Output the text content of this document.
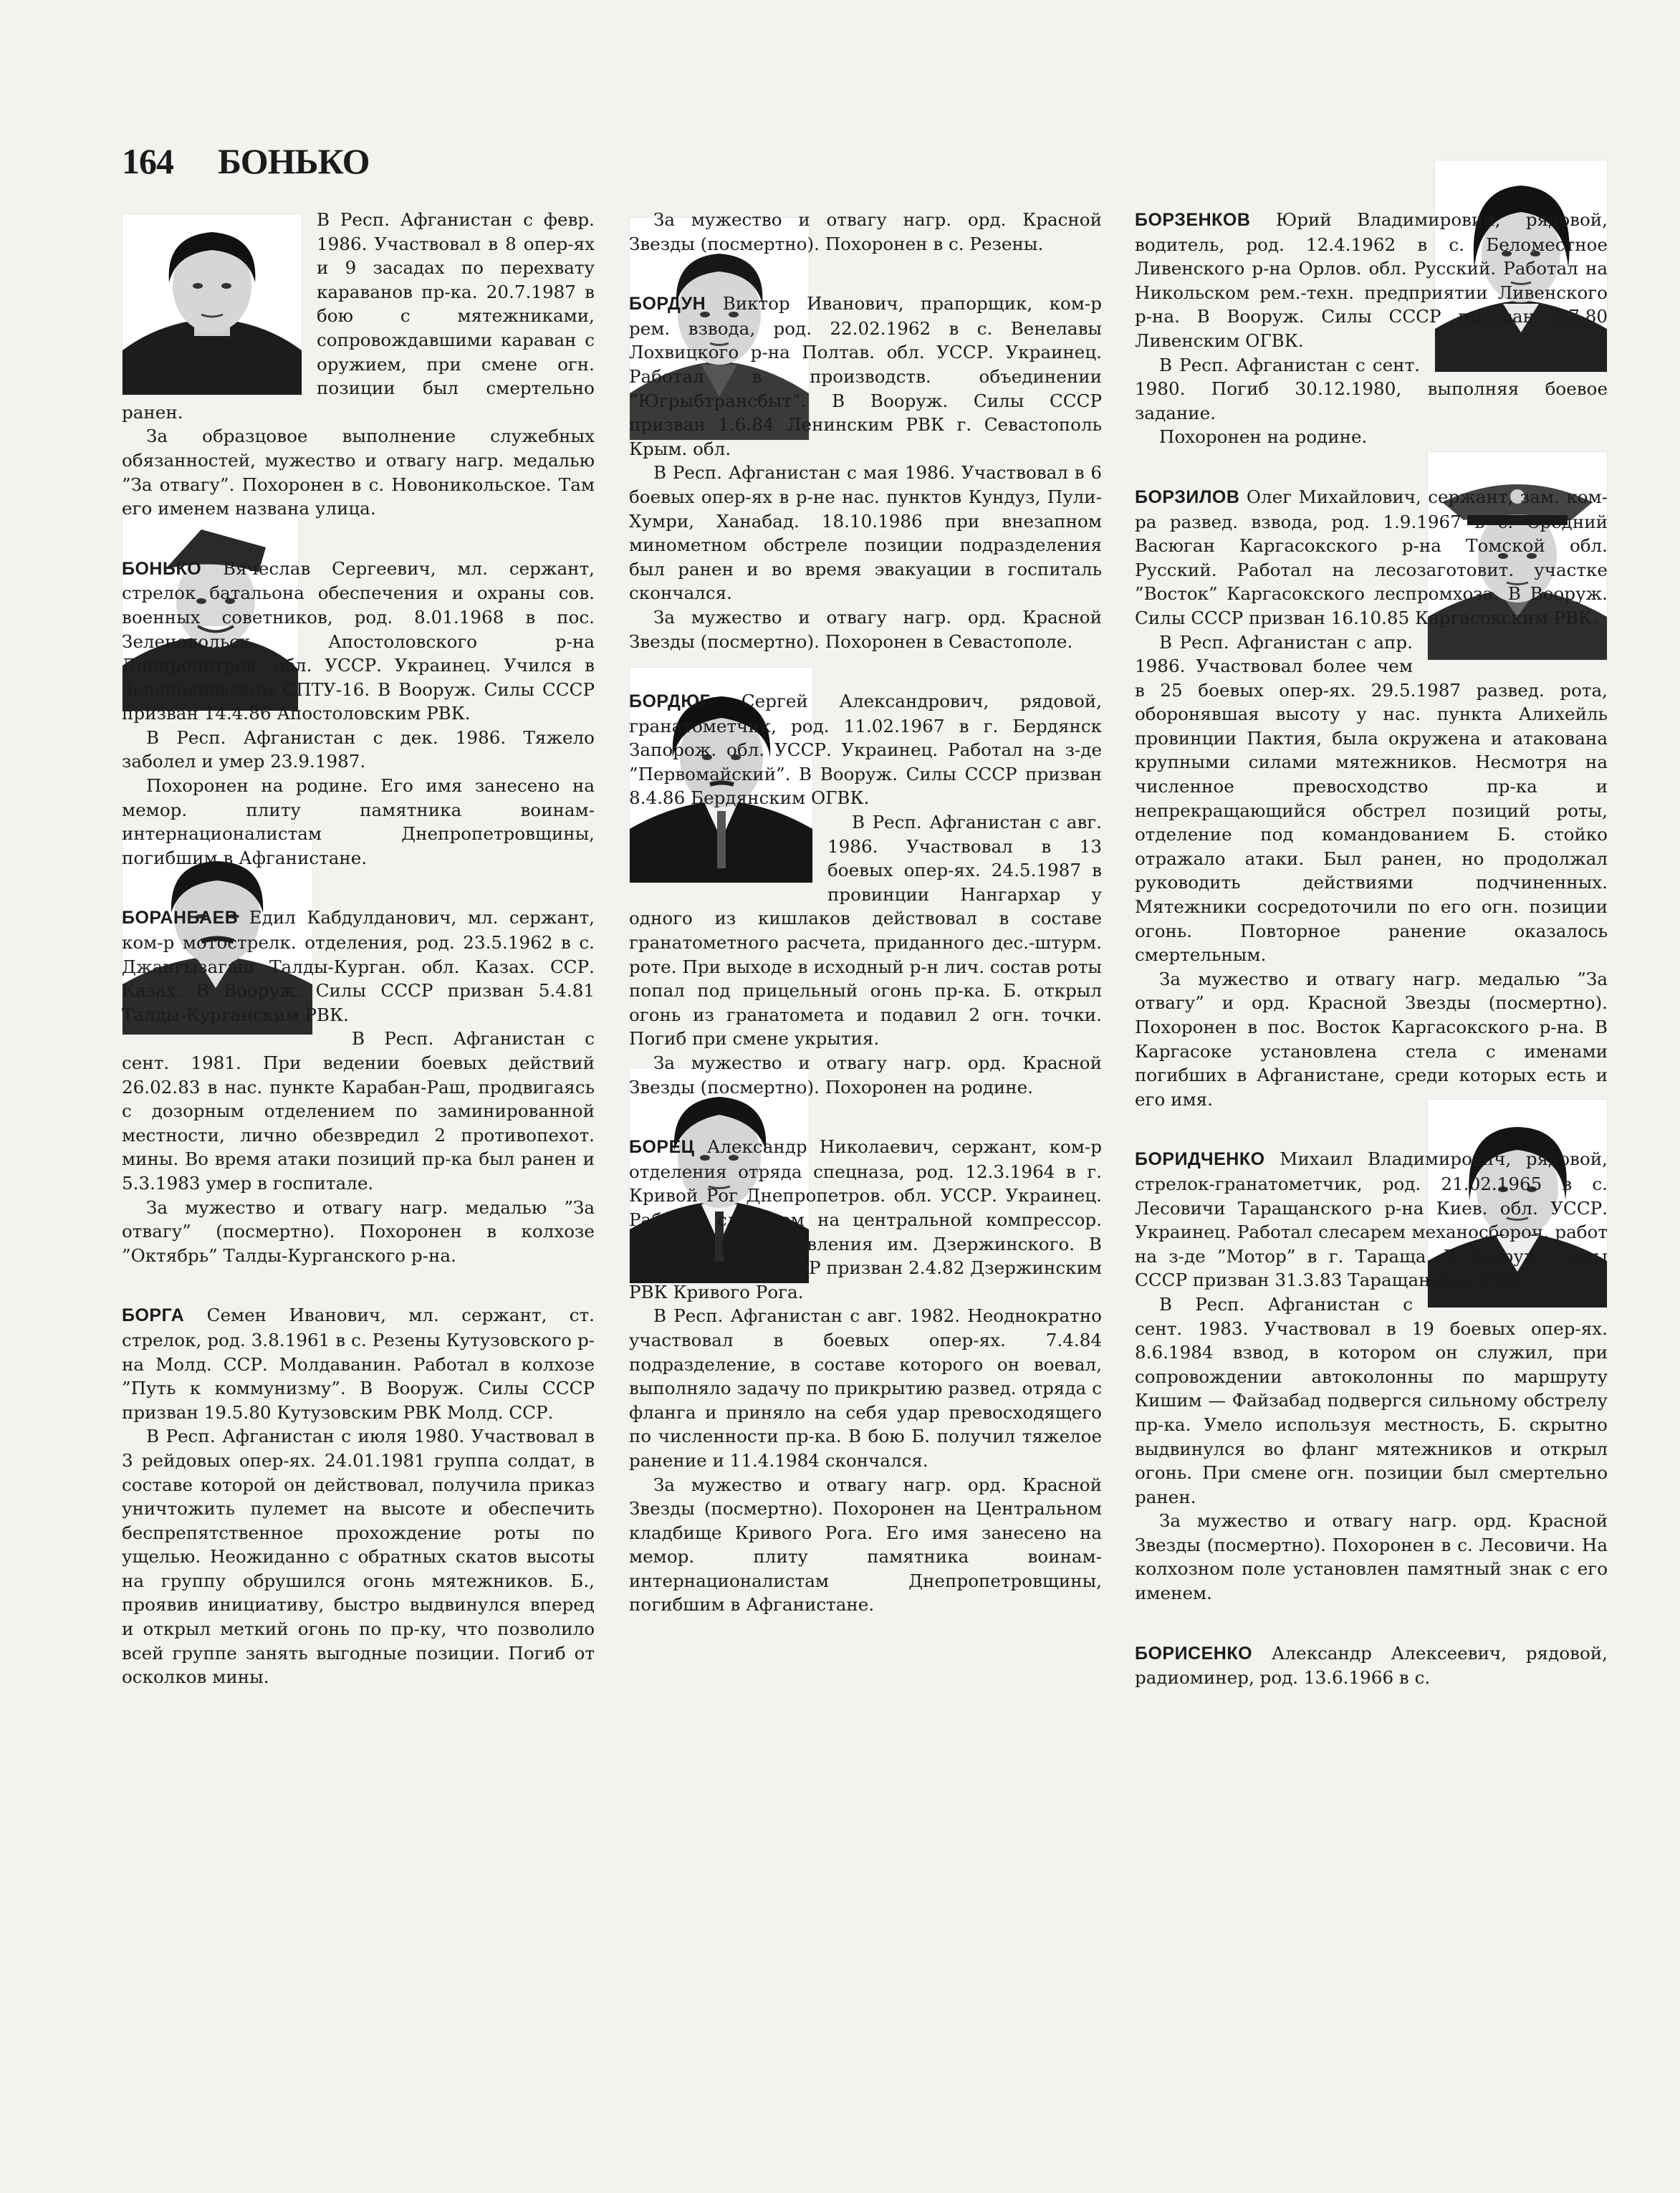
164 БОНЬКО

В Респ. Афганистан с февр. 1986. Участвовал в 8 опер-ях и 9 засадах по перехвату караванов пр-ка. 20.7.1987 в бою с мятежниками, сопровождавшими караван с оружием, при смене огн. позиции был смертельно ранен.

За образцовое выполнение служебных обязанностей, мужество и отвагу нагр. медалью ”За отвагу”. Похоронен в с. Новоникольское. Там его именем названа улица.

БОНЬКО Вячеслав Сергеевич, мл. сержант, стрелок батальона обеспечения и охраны сов. военных советников, род. 8.01.1968 в пос. Зеленодольск Апостоловского р-на Днепропетров. обл. УССР. Украинец. Учился в Зеленодольском СПТУ-16. В Вооруж. Силы СССР призван 14.4.86 Апостоловским РВК.

В Респ. Афганистан с дек. 1986. Тяжело заболел и умер 23.9.1987.

Похоронен на родине. Его имя занесено на мемор. плиту памятника воинам-интернационалистам Днепропетровщины, погибшим в Афганистане.

БОРАНБАЕВ Едил Кабдулданович, мл. сержант, ком-р мотострелк. отделения, род. 23.5.1962 в с. Джангызагаш Талды-Курган. обл. Казах. ССР. Казах. В Вооруж. Силы СССР призван 5.4.81 Талды-Курганским РВК.

В Респ. Афганистан с сент. 1981. При ведении боевых действий 26.02.83 в нас. пункте Карабан-Раш, продвигаясь с дозорным отделением по заминированной местности, лично обезвредил 2 противопехот. мины. Во время атаки позиций пр-ка был ранен и 5.3.1983 умер в госпитале.

За мужество и отвагу нагр. медалью ”За отвагу” (посмертно). Похоронен в колхозе ”Октябрь” Талды-Курганского р-на.

БОРГА Семен Иванович, мл. сержант, ст. стрелок, род. 3.8.1961 в с. Резены Кутузовского р-на Молд. ССР. Молдаванин. Работал в колхозе ”Путь к коммунизму”. В Вооруж. Силы СССР призван 19.5.80 Кутузовским РВК Молд. ССР.

В Респ. Афганистан с июля 1980. Участвовал в 3 рейдовых опер-ях. 24.01.1981 группа солдат, в составе которой он действовал, получила приказ уничтожить пулемет на высоте и обеспечить беспрепятственное прохождение роты по ущелью. Неожиданно с обратных скатов высоты на группу обрушился огонь мятежников. Б., проявив инициативу, быстро выдвинулся вперед и открыл меткий огонь по пр-ку, что позволило всей группе занять выгодные позиции. Погиб от осколков мины.

За мужество и отвагу нагр. орд. Красной Звезды (посмертно). Похоронен в с. Резены.

БОРДУН Виктор Иванович, прапорщик, ком-р рем. взвода, род. 22.02.1962 в с. Венелавы Лохвицкого р-на Полтав. обл. УССР. Украинец. Работал в производств. объединении ”Югрыбтрансбыт”. В Вооруж. Силы СССР призван 1.6.84 Ленинским РВК г. Севастополь Крым. обл.

В Респ. Афганистан с мая 1986. Участвовал в 6 боевых опер-ях в р-не нас. пунктов Кундуз, Пули-Хумри, Ханабад. 18.10.1986 при внезапном минометном обстреле позиции подразделения был ранен и во время эвакуации в госпиталь скончался.

За мужество и отвагу нагр. орд. Красной Звезды (посмертно). Похоронен в Севастополе.

БОРДЮГ Сергей Александрович, рядовой, гранатометчик, род. 11.02.1967 в г. Бердянск Запорож. обл. УССР. Украинец. Работал на з-де ”Первомайский”. В Вооруж. Силы СССР призван 8.4.86 Бердянским ОГВК.

В Респ. Афганистан с авг. 1986. Участвовал в 13 боевых опер-ях. 24.5.1987 в провинции Нангархар у одного из кишлаков действовал в составе гранатометного расчета, приданного дес.-штурм. роте. При выходе в исходный р-н лич. состав роты попал под прицельный огонь пр-ка. Б. открыл огонь из гранатомета и подавил 2 огн. точки. Погиб при смене укрытия.

За мужество и отвагу нагр. орд. Красной Звезды (посмертно). Похоронен на родине.

БОРЕЦ Александр Николаевич, сержант, ком-р отделения отряда спецназа, род. 12.3.1964 в г. Кривой Рог Днепропетров. обл. УССР. Украинец. Работал слесарем на центральной компрессор. станции рудоуправления им. Дзержинского. В Вооруж. Силы СССР призван 2.4.82 Дзержинским РВК Кривого Рога.

В Респ. Афганистан с авг. 1982. Неоднократно участвовал в боевых опер-ях. 7.4.84 подразделение, в составе которого он воевал, выполняло задачу по прикрытию развед. отряда с фланга и приняло на себя удар превосходящего по численности пр-ка. В бою Б. получил тяжелое ранение и 11.4.1984 скончался.

За мужество и отвагу нагр. орд. Красной Звезды (посмертно). Похоронен на Центральном кладбище Кривого Рога. Его имя занесено на мемор. плиту памятника воинам-интернационалистам Днепропетровщины, погибшим в Афганистане.

БОРЗЕНКОВ Юрий Владимирович, рядовой, водитель, род. 12.4.1962 в с. Беломестное Ливенского р-на Орлов. обл. Русский. Работал на Никольском рем.-техн. предприятии Ливенского р-на. В Вооруж. Силы СССР призван 3.7.80 Ливенским ОГВК.

В Респ. Афганистан с сент. 1980. Погиб 30.12.1980, выполняя боевое задание.

Похоронен на родине.

БОРЗИЛОВ Олег Михайлович, сержант, зам. ком-ра развед. взвода, род. 1.9.1967 в с. Средний Васюган Каргасокского р-на Томской обл. Русский. Работал на лесозаготовит. участке ”Восток” Каргасокского леспромхоза. В Вооруж. Силы СССР призван 16.10.85 Каргасокским РВК.

В Респ. Афганистан с апр. 1986. Участвовал более чем в 25 боевых опер-ях. 29.5.1987 развед. рота, оборонявшая высоту у нас. пункта Алихейль провинции Пактия, была окружена и атакована крупными силами мятежников. Несмотря на численное превосходство пр-ка и непрекращающийся обстрел позиций роты, отделение под командованием Б. стойко отражало атаки. Был ранен, но продолжал руководить действиями подчиненных. Мятежники сосредоточили по его огн. позиции огонь. Повторное ранение оказалось смертельным.

За мужество и отвагу нагр. медалью ”За отвагу” и орд. Красной Звезды (посмертно). Похоронен в пос. Восток Каргасокского р-на. В Каргасоке установлена стела с именами погибших в Афганистане, среди которых есть и его имя.

БОРИДЧЕНКО Михаил Владимирович, рядовой, стрелок-гранатометчик, род. 21.02.1965 в с. Лесовичи Таращанского р-на Киев. обл. УССР. Украинец. Работал слесарем механосбороч. работ на з-де ”Мотор” в г. Тараща. В Вооруж. Силы СССР призван 31.3.83 Таращанским РВК.

В Респ. Афганистан с сент. 1983. Участвовал в 19 боевых опер-ях. 8.6.1984 взвод, в котором он служил, при сопровождении автоколонны по маршруту Кишим — Файзабад подвергся сильному обстрелу пр-ка. Умело используя местность, Б. скрытно выдвинулся во фланг мятежников и открыл огонь. При смене огн. позиции был смертельно ранен.

За мужество и отвагу нагр. орд. Красной Звезды (посмертно). Похоронен в с. Лесовичи. На колхозном поле установлен памятный знак с его именем.

БОРИСЕНКО Александр Алексеевич, рядовой, радиоминер, род. 13.6.1966 в с.
